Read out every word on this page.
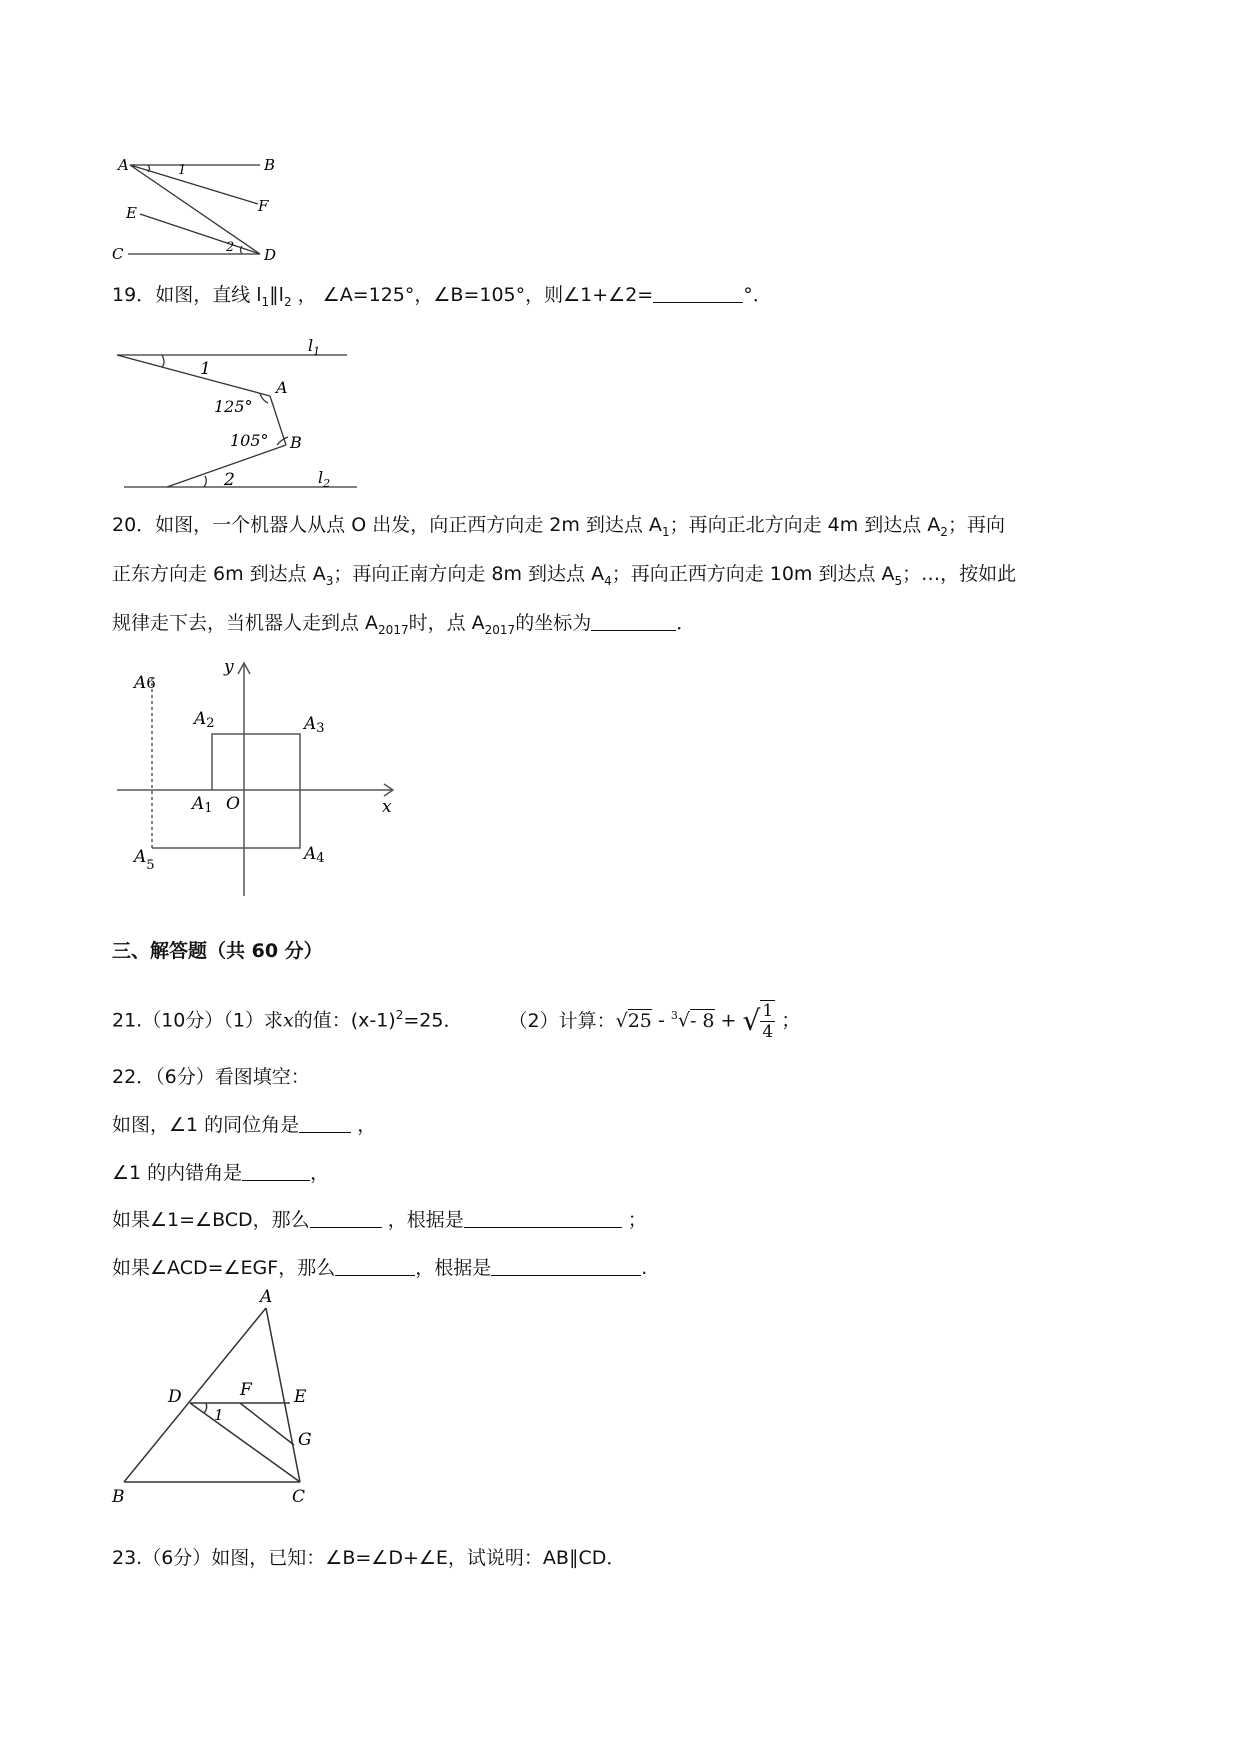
A	B
F
E
C	D
1
2
19．如图，直线 $l_1\parallel l_2$ ， ∠A=125°，∠B=105°，则∠1+∠2=	°．
$l_1$
$l_2$
A
B
125°
105°
1
2
20．如图，一个机器人从点 O 出发，向正西方向走 2m 到达点 $A_1$；再向正北方向走 4m 到达点 $A_2$；再向
正东方向走 6m 到达点 $A_3$；再向正南方向走 8m 到达点 $A_4$；再向正西方向走 10m 到达点 $A_5$；…，按如此
规律走下去，当机器人走到点 $A_{2017}$时，点 $A_{2017}$的坐标为	．
y
x
O
A1
A2	A3
A4
$A_5$
A6
三、解答题（共 60 分）
21.（10分）（1）求x的值：$(x-1)^2=25$． （2）计算：√25 - $^3$√- 8 + √ $\frac{1}{4}$ ；
22．（6分）看图填空：
如图，∠1 的同位角是	，
∠1 的内错角是	，
如果∠1=∠BCD，那么	，根据是	；
如果∠ACD=∠EGF，那么	，根据是	.
A
D	F E
G
B	C
1
23.（6分）如图，已知：∠B=∠D+∠E，试说明：AB∥CD．
